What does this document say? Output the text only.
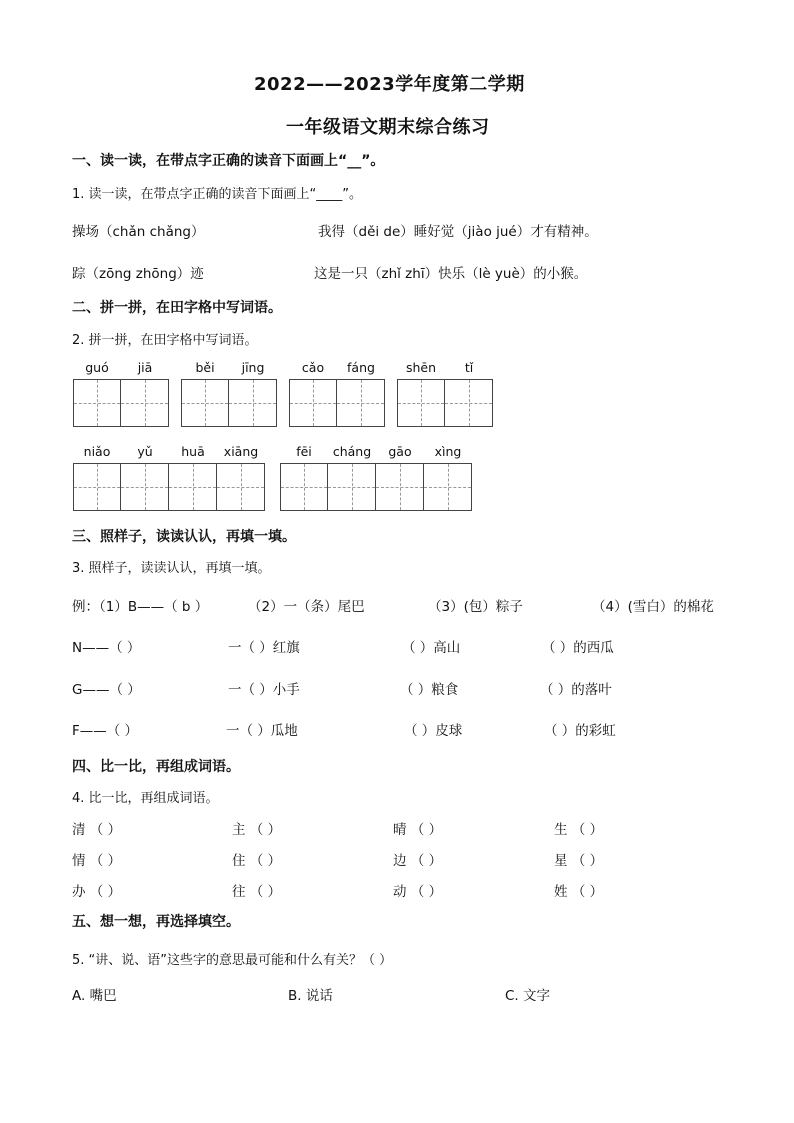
2022——2023学年度第二学期
一年级语文期末综合练习
一、读一读，在带点字正确的读音下面画上“__”。
1. 读一读，在带点字正确的读音下面画上“____”。
操场（chǎn chǎng）	我得（děi de）睡好觉（jiào jué）才有精神。
踪（zōng zhōng）迹	这是一只（zhǐ zhī）快乐（lè yuè）的小猴。
二、拼一拼，在田字格中写词语。
2. 拼一拼，在田字格中写词语。
guó	jiā	běi	jīng	cǎo	fáng	shēn	tǐ
niǎo	yǔ	huā	xiāng	fēi	cháng	gāo	xìng
三、照样子，读读认认，再填一填。
3. 照样子，读读认认，再填一填。
例：（1）B——（ b ）	（2）一（条）尾巴	（3）(包）粽子	（4）(雪白）的棉花
N——（ ）	一（ ）红旗	（ ）高山	（ ）的西瓜
G——（ ）	一（ ）小手	（ ）粮食	（ ）的落叶
F——（ ）	一（ ）瓜地	（ ）皮球	（ ）的彩虹
四、比一比，再组成词语。
4. 比一比，再组成词语。
清 （ ）	主 （ ）	晴 （ ）	生 （ ）
情 （ ）	住 （ ）	边 （ ）	星 （ ）
办 （ ）	往 （ ）	动 （ ）	姓 （ ）
五、想一想，再选择填空。
5. “讲、说、语”这些字的意思最可能和什么有关？（ ）
A. 嘴巴	B. 说话	C. 文字
